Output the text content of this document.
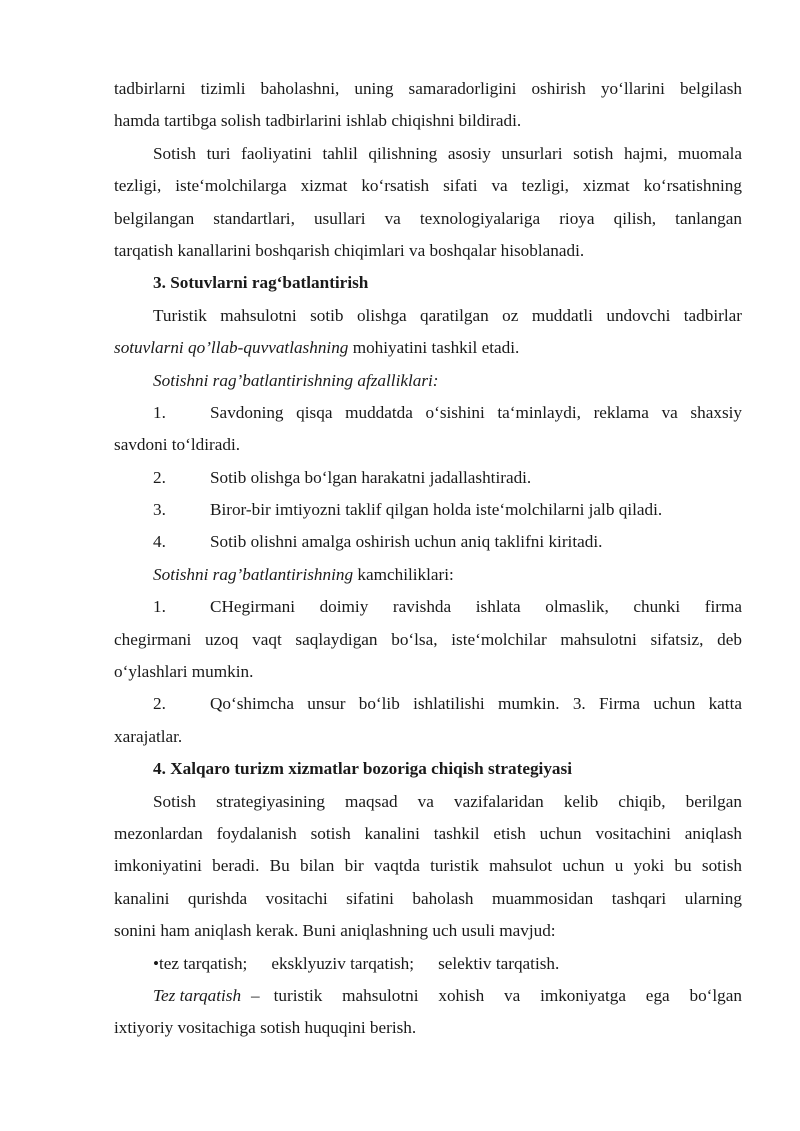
tadbirlarni tizimli baholashni, uning samaradorligini oshirish yo‘llarini belgilash
hamda tartibga solish tadbirlarini ishlab chiqishni bildiradi.
Sotish turi faoliyatini tahlil qilishning asosiy unsurlari sotish hajmi, muomala
tezligi, iste‘molchilarga xizmat ko‘rsatish sifati va tezligi, xizmat ko‘rsatishning
belgilangan standartlari, usullari va texnologiyalariga rioya qilish, tanlangan
tarqatish kanallarini boshqarish chiqimlari va boshqalar hisoblanadi.
3. Sotuvlarni rag‘batlantirish
Turistik mahsulotni sotib olishga qaratilgan oz muddatli undovchi tadbirlar
sotuvlarni qo’llab-quvvatlashning mohiyatini tashkil etadi.
Sotishni rag’batlantirishning afzalliklari:
1.	Savdoning qisqa muddatda o‘sishini ta‘minlaydi, reklama va shaxsiy
savdoni to‘ldiradi.
2.	Sotib olishga bo‘lgan harakatni jadallashtiradi.
3.	Biror-bir imtiyozni taklif qilgan holda iste‘molchilarni jalb qiladi.
4.	Sotib olishni amalga oshirish uchun aniq taklifni kiritadi.
Sotishni rag’batlantirishning kamchiliklari:
1.	CHegirmani doimiy ravishda ishlata olmaslik, chunki firma
chegirmani uzoq vaqt saqlaydigan bo‘lsa, iste‘molchilar mahsulotni sifatsiz, deb
o‘ylashlari mumkin.
2.	Qo‘shimcha unsur bo‘lib ishlatilishi mumkin. 3. Firma uchun katta
xarajatlar.
4. Xalqaro turizm xizmatlar bozoriga chiqish strategiyasi
Sotish strategiyasining maqsad va vazifalaridan kelib chiqib, berilgan
mezonlardan foydalanish sotish kanalini tashkil etish uchun vositachini aniqlash
imkoniyatini beradi. Bu bilan bir vaqtda turistik mahsulot uchun u yoki bu sotish
kanalini qurishda vositachi sifatini baholash muammosidan tashqari ularning
sonini ham aniqlash kerak. Buni aniqlashning uch usuli mavjud:
•tez tarqatish; eksklyuziv tarqatish; selektiv tarqatish.
Tez tarqatish – turistik mahsulotni xohish va imkoniyatga ega bo‘lgan
ixtiyoriy vositachiga sotish huquqini berish.
